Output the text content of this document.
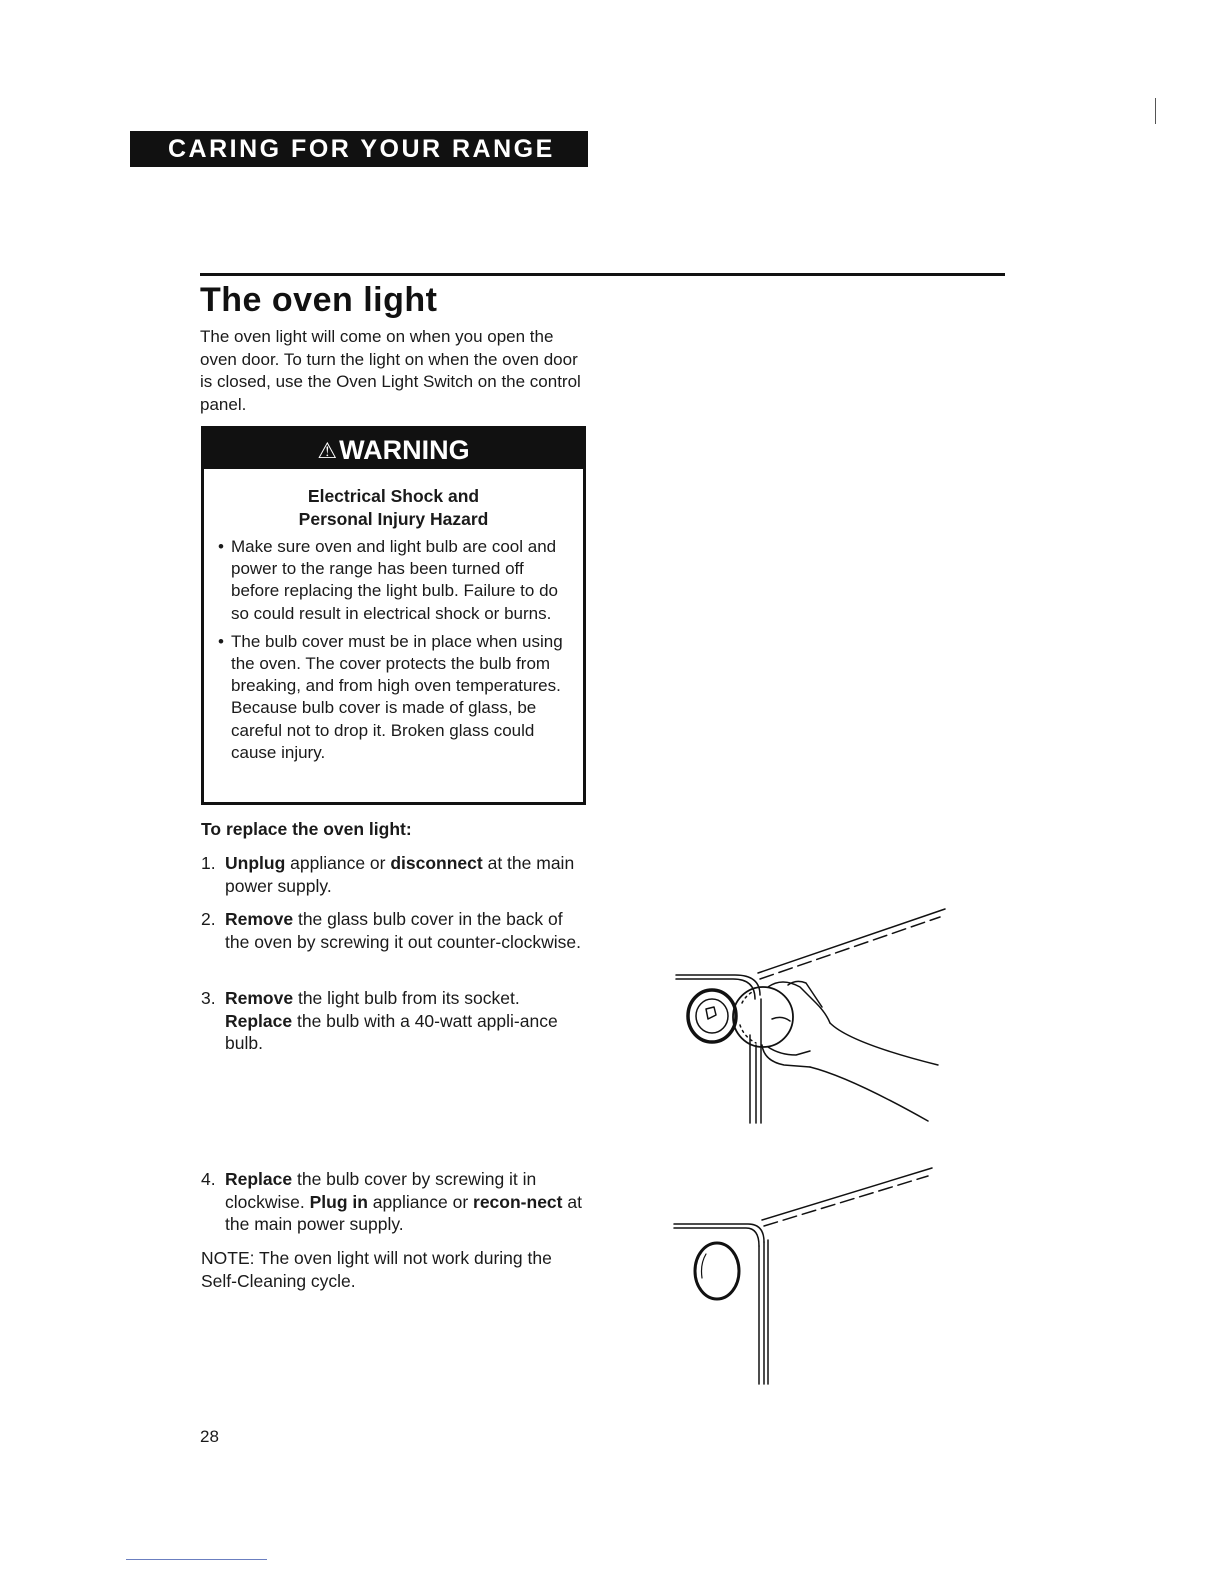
CARING FOR YOUR RANGE
The oven light

The oven light will come on when you open the oven door. To turn the light on when the oven door is closed, use the Oven Light Switch on the control panel.

⚠WARNING
Electrical Shock and
Personal Injury Hazard
• Make sure oven and light bulb are cool and power to the range has been turned off before replacing the light bulb. Failure to do so could result in electrical shock or burns.
• The bulb cover must be in place when using the oven. The cover protects the bulb from breaking, and from high oven temperatures. Because bulb cover is made of glass, be careful not to drop it. Broken glass could cause injury.
To replace the oven light:
1. Unplug appliance or disconnect at the main power supply.
2. Remove the glass bulb cover in the back of the oven by screwing it out counter-clockwise.
3. Remove the light bulb from its socket. Replace the bulb with a 40-watt appli-ance bulb.
4. Replace the bulb cover by screwing it in clockwise. Plug in appliance or recon-nect at the main power supply.

NOTE: The oven light will not work during the Self-Cleaning cycle.

28
